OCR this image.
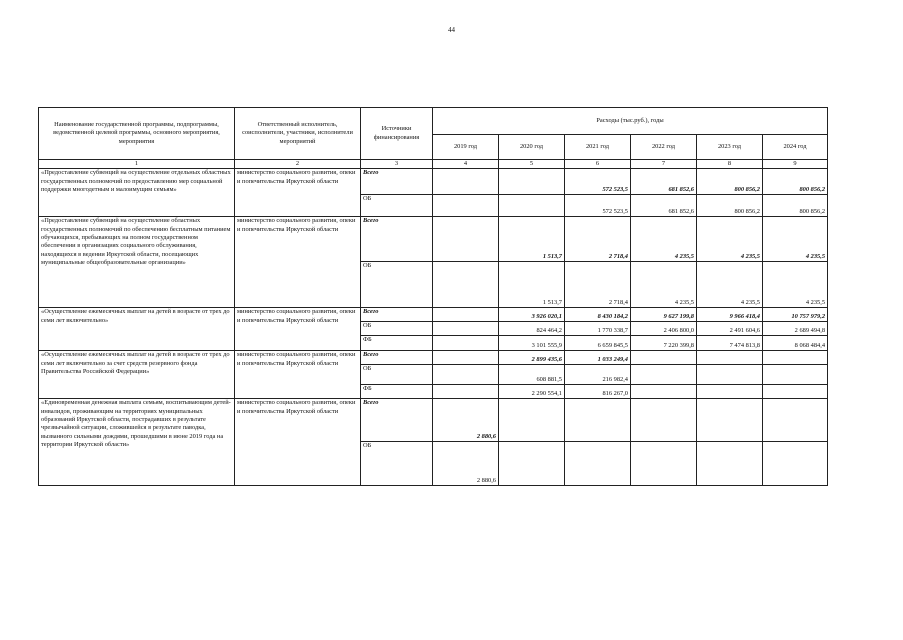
44
Наименование государственной программы, подпрограммы, ведомственной целевой программы, основного мероприятия, мероприятия	Ответственный исполнитель, соисполнители, участники, исполнители мероприятий	Источники финансирования	Расходы (тыс.руб.), годы					
			2019 год	2020 год	2021 год	2022 год	2023 год	2024 год
1	2	3	4	5	6	7	8	9
«Предоставление субвенций на осуществление отдельных областных государственных полномочий по предоставлению мер социальной поддержки многодетным и малоимущим семьям»	министерство социального развития, опеки и попечительства Иркутской области	Всего			572 523,5	681 852,6	800 856,2	800 856,2
		ОБ			572 523,5	681 852,6	800 856,2	800 856,2
«Предоставление субвенций на осуществление областных государственных полномочий по обеспечению бесплатным питанием обучающихся, пребывающих на полном государственном обеспечении в организациях социального обслуживания, находящихся в ведении Иркутской области, посещающих муниципальные общеобразовательные организации»	министерство социального развития, опеки и попечительства Иркутской области	Всего		1 513,7	2 718,4	4 235,5	4 235,5	4 235,5
		ОБ		1 513,7	2 718,4	4 235,5	4 235,5	4 235,5
«Осуществление ежемесячных выплат на детей в возрасте от трех до семи лет включительно»	министерство социального развития, опеки и попечительства Иркутской области	Всего		3 926 020,1	8 430 184,2	9 627 199,8	9 966 418,4	10 757 979,2
		ОБ		824 464,2	1 770 338,7	2 406 800,0	2 491 604,6	2 689 494,8
		ФБ		3 101 555,9	6 659 845,5	7 220 399,8	7 474 813,8	8 068 484,4
«Осуществление ежемесячных выплат на детей в возрасте от трех до семи лет включительно за счет средств резервного фонда Правительства Российской Федерации»	министерство социального развития, опеки и попечительства Иркутской области	Всего		2 899 435,6	1 033 249,4			
		ОБ		608 881,5	216 982,4			
		ФБ		2 290 554,1	816 267,0			
«Единовременная денежная выплата семьям, воспитывающим детей-инвалидов, проживающим на территориях муниципальных образований Иркутской области, пострадавших в результате чрезвычайной ситуации, сложившейся в результате паводка, вызванного сильными дождями, прошедшими в июне 2019 года на территории Иркутской области»	министерство социального развития, опеки и попечительства Иркутской области	Всего	2 880,6					
		ОБ	2 880,6					
